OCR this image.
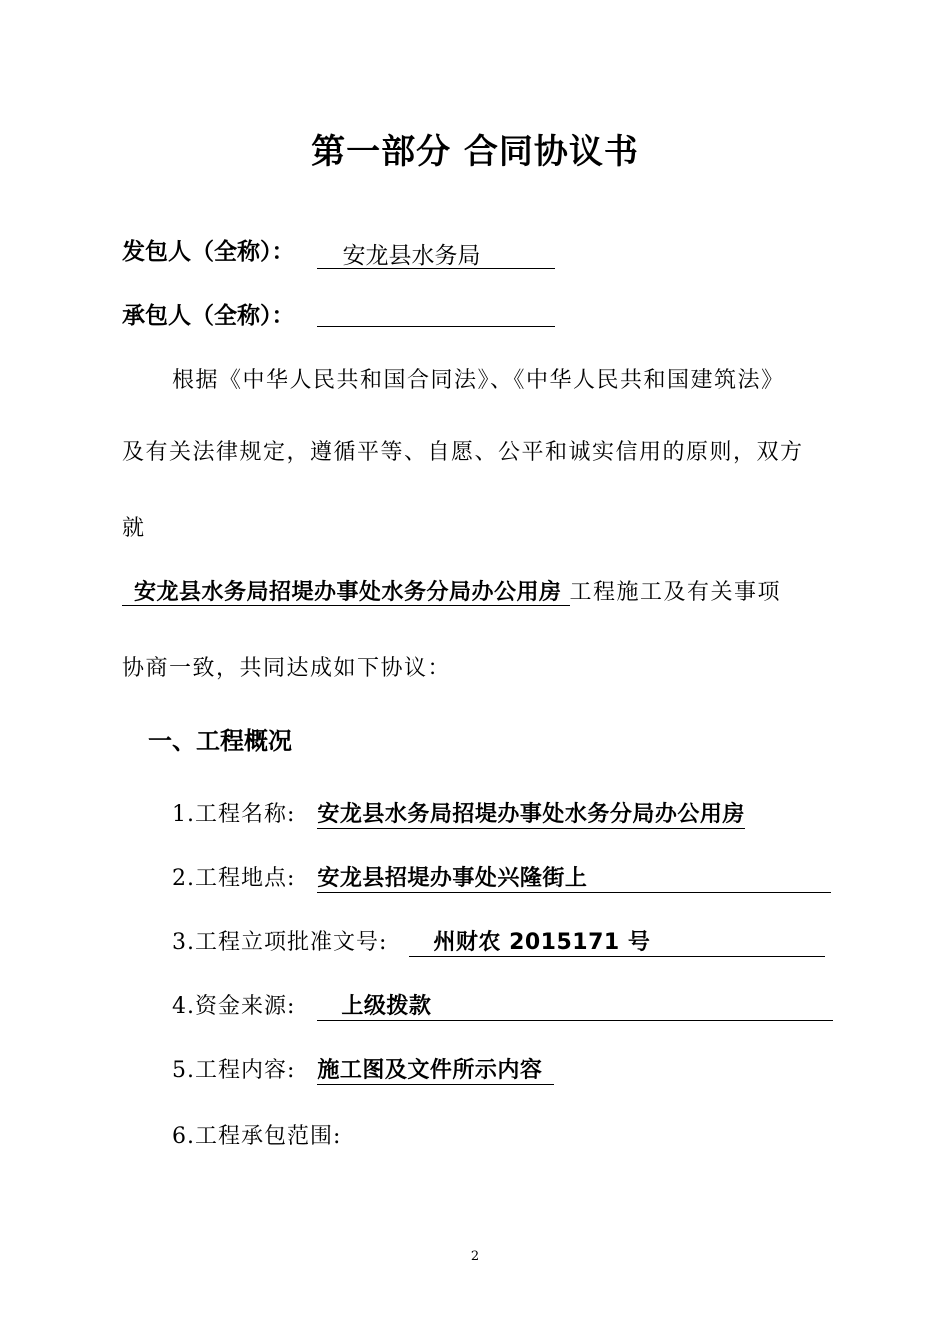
第一部分 合同协议书
发包人（全称）： 安龙县水务局
承包人（全称）：
根据《中华人民共和国合同法》、《中华人民共和国建筑法》
及有关法律规定，遵循平等、自愿、公平和诚实信用的原则，双方
就
安龙县水务局招堤办事处水务分局办公用房 工程施工及有关事项
协商一致，共同达成如下协议：
一、工程概况
1.工程名称: 安龙县水务局招堤办事处水务分局办公用房
2.工程地点: 安龙县招堤办事处兴隆街上
3.工程立项批准文号: 州财农 2015171 号
4.资金来源: 上级拨款
5.工程内容: 施工图及文件所示内容
6.工程承包范围:
2
